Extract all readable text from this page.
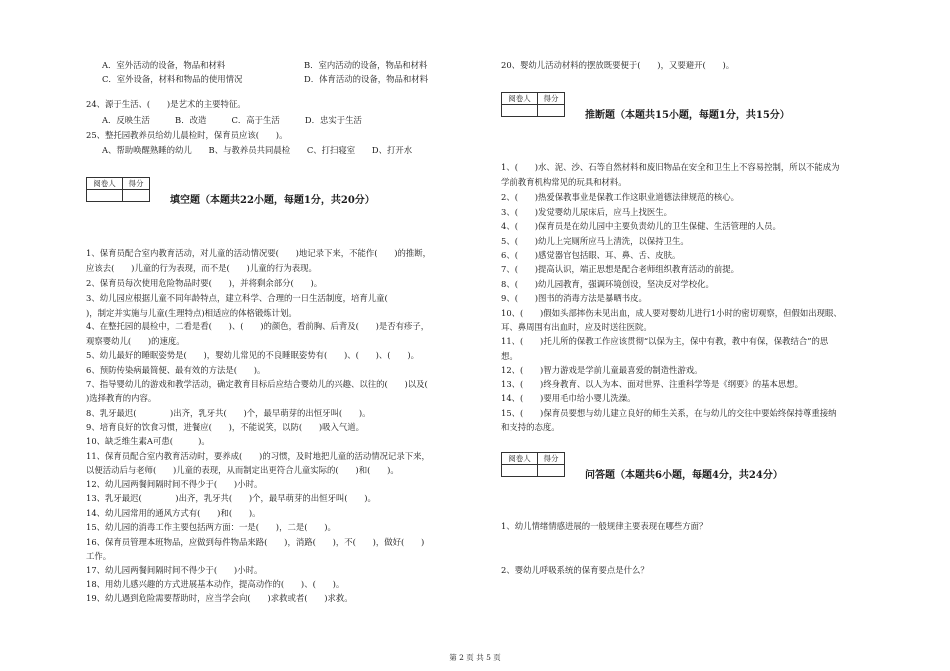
A．室外活动的设备，物品和材料	B．室内活动的设备，物品和材料
C．室外设备，材料和物品的使用情况	D．体育活动的设备，物品和材料
24、源于生活、(　　)是艺术的主要特征。
A．反映生活　　　B．改造　　　C．高于生活　　　D．忠实于生活
25、整托园教养员给幼儿晨检时，保育员应该(　　)。
A、帮助唤醒熟睡的幼儿　　B、与教养员共同晨检　　C、打扫寝室　　D、打开水
阅卷人	得分

填空题（本题共22小题，每题1分，共20分）
1、保育员配合室内教育活动，对儿童的活动情况要(　　)地记录下来，不能作(　　)的推断，
应该去(　　)儿童的行为表现，而不是(　　)儿童的行为表现。
2、保育员每次使用危险物品时要(　　)，并将剩余部分(　　)。
3、幼儿园应根据儿童不同年龄特点，建立科学、合理的一日生活制度，培育儿童(　　
)，制定并实施与儿童(生理特点)相适应的体格锻炼计划。
4、在整托园的晨检中，二看是看(　　)、(　　)的颜色，看前胸、后背及(　　)是否有疹子，
观察婴幼儿(　　)的速度。
5、幼儿最好的睡眠姿势是(　　)，婴幼儿常见的不良睡眠姿势有(　　)、(　　)、(　　)。
6、预防传染病最简便、最有效的方法是(　　)。
7、指导婴幼儿的游戏和教学活动，确定教育目标后应结合婴幼儿的兴趣、以往的(　　)以及(　　
)选择教育的内容。
8、乳牙最迟(　　　　)出齐，乳牙共(　　)个，最早萌芽的出恒牙叫(　　)。
9、培育良好的饮食习惯，进餐应(　　)，不能说笑，以防(　　)吸入气道。
10、缺乏维生素A可患(　　　)。
11、保育员配合室内教育活动时，要养成(　　)的习惯，及时地把儿童的活动情况记录下来，
以便活动后与老师(　　)儿童的表现，从而制定出更符合儿童实际的(　　)和(　　)。
12、幼儿园两餐间隔时间不得少于(　　)小时。
13、乳牙最迟(　　　　)出齐，乳牙共(　　)个，最早萌芽的出恒牙叫(　　)。
14、幼儿园常用的通风方式有(　　)和(　　)。
15、幼儿园的消毒工作主要包括两方面：一是(　　)，二是(　　)。
16、保育员管理本班物品，应做到每件物品来路(　　)，消路(　　)，不(　　)，做好(　　)
工作。
17、幼儿园两餐间隔时间不得少于(　　)小时。
18、用幼儿感兴趣的方式进展基本动作，提高动作的(　　)、(　　)。
19、幼儿遇到危险需要帮助时，应当学会向(　　)求救或者(　　)求救。
20、婴幼儿活动材料的摆放既要便于(　　)，又要避开(　　)。
阅卷人	得分

推断题（本题共15小题，每题1分，共15分）
1、(　　)水、泥、沙、石等自然材料和废旧物品在安全和卫生上不容易控制，所以不能成为
学前教育机构常见的玩具和材料。
2、(　　)热爱保教事业是保教工作这职业道德法律规范的核心。
3、(　　)发觉婴幼儿尿床后，应马上找医生。
4、(　　)保育员是在幼儿园中主要负责幼儿的卫生保健、生活管理的人员。
5、(　　)幼儿上完厕所应马上清洗，以保持卫生。
6、(　　)感觉器官包括眼、耳、鼻、舌、皮肤。
7、(　　)提高认识，端正思想是配合老师组织教育活动的前提。
8、(　　)幼儿园教育，强调环境创设，坚决反对学校化。
9、(　　)图书的消毒方法是暴晒书皮。
10、(　　)假如头部摔伤未见出血，成人要对婴幼儿进行1小时的密切观察，但假如出现眼、
耳、鼻周围有出血时，应及时送往医院。
11、(　　)托儿所的保教工作应该贯彻“以保为主，保中有教，教中有保，保教结合”的思
想。
12、(　　)智力游戏是学前儿童最喜爱的制造性游戏。
13、(　　)终身教育、以人为本、面对世界、注重科学等是《纲要》的基本思想。
14、(　　)要用毛巾给小婴儿洗澡。
15、(　　)保育员要想与幼儿建立良好的师生关系，在与幼儿的交往中要始终保持尊重接纳
和支持的态度。
阅卷人	得分

问答题（本题共6小题，每题4分，共24分）
1、幼儿情绪情感进展的一般规律主要表现在哪些方面？
2、婴幼儿呼吸系统的保育要点是什么？
第 2 页 共 5 页
